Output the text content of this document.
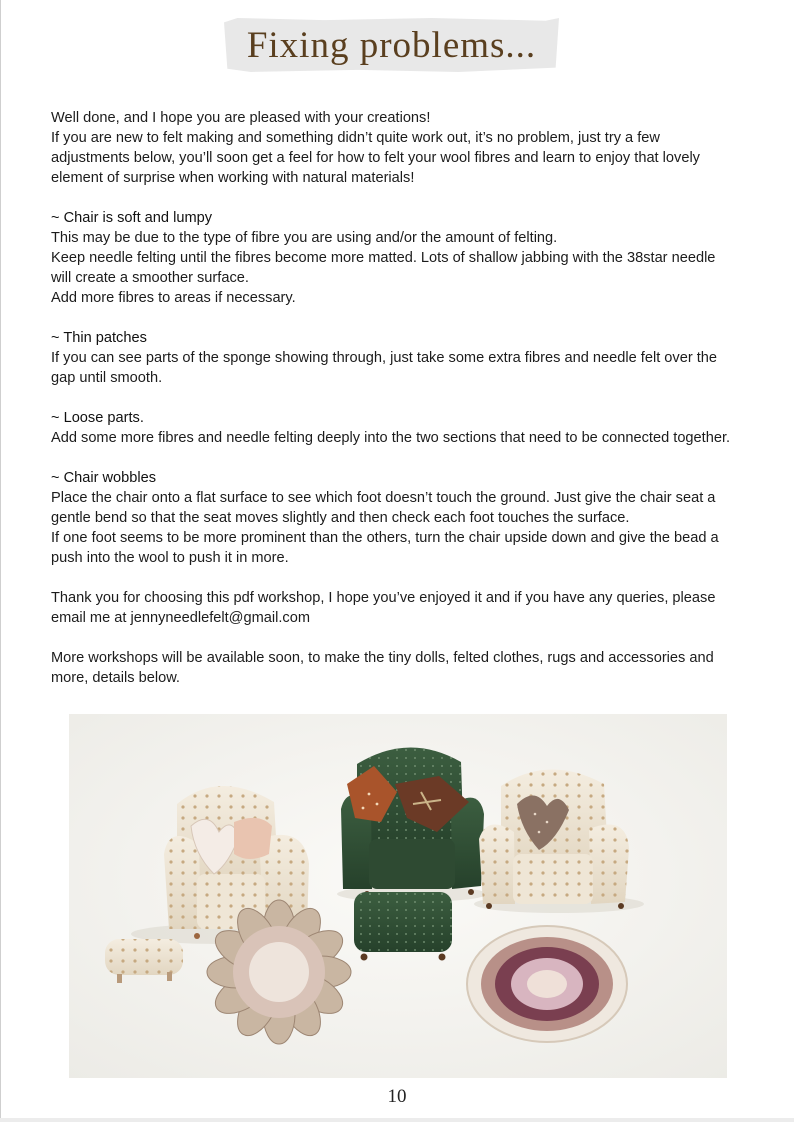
Fixing problems...

Well done, and I hope you are pleased with your creations!

If you are new to felt making and something didn’t quite work out, it’s no problem, just try a few

adjustments below, you’ll soon get a feel for how to felt your wool fibres and learn to enjoy that lovely

element of surprise when working with natural materials!

~ Chair is soft and lumpy

This may be due to the type of fibre you are using and/or the amount of felting.

Keep needle felting until the fibres become more matted. Lots of shallow jabbing with the 38star needle

will create a smoother surface.

Add more fibres to areas if necessary.

~ Thin patches

If you can see parts of the sponge showing through, just take some extra fibres and needle felt over the

gap until smooth.

~ Loose parts.

Add some more fibres and needle felting deeply into the two sections that need to be connected together.

~ Chair wobbles

Place the chair onto a flat surface to see which foot doesn’t touch the ground. Just give the chair seat a

gentle bend so that the seat moves slightly and then check each foot touches the surface.

If one foot seems to be more prominent than the others, turn the chair upside down and give the bead a

push into the wool to push it in more.

Thank you for choosing this pdf workshop, I hope you’ve enjoyed it and if you have any queries, please

email me at jennyneedlefelt@gmail.com

More workshops will be available soon, to make the tiny dolls, felted clothes, rugs and accessories and

more, details below.

10
